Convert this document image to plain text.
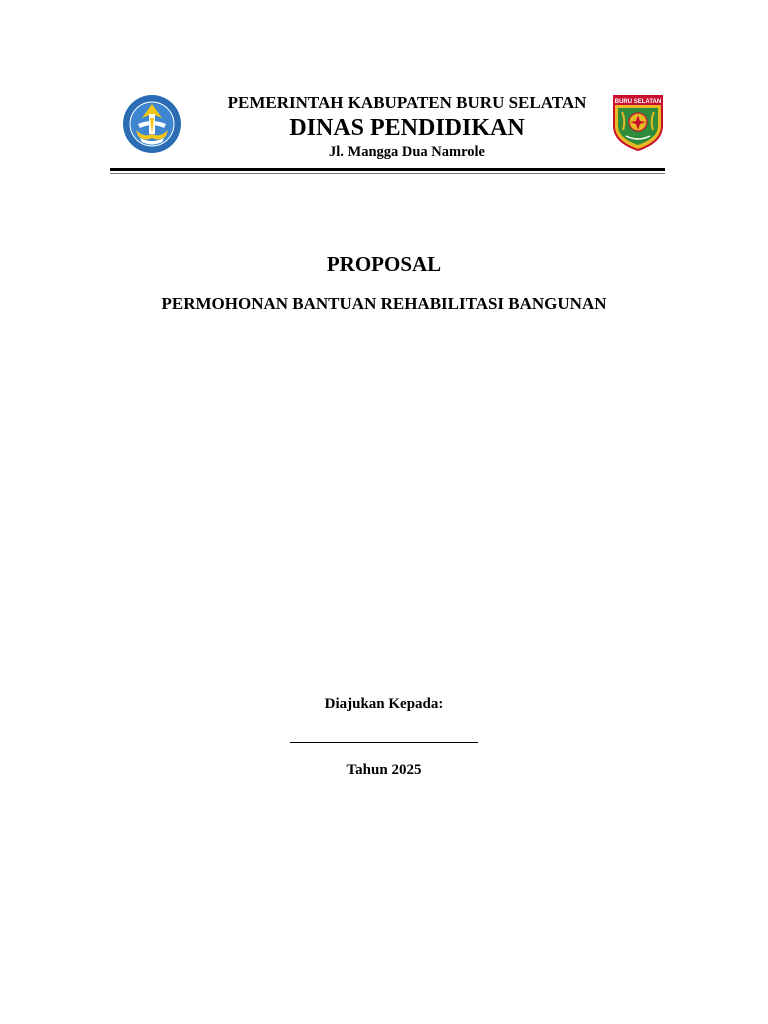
PEMERINTAH KABUPATEN BURU SELATAN
DINAS PENDIDIKAN
Jl. Mangga Dua Namrole
BURU SELATAN
PROPOSAL
PERMOHONAN BANTUAN REHABILITASI BANGUNAN
Diajukan Kepada:
Tahun 2025
